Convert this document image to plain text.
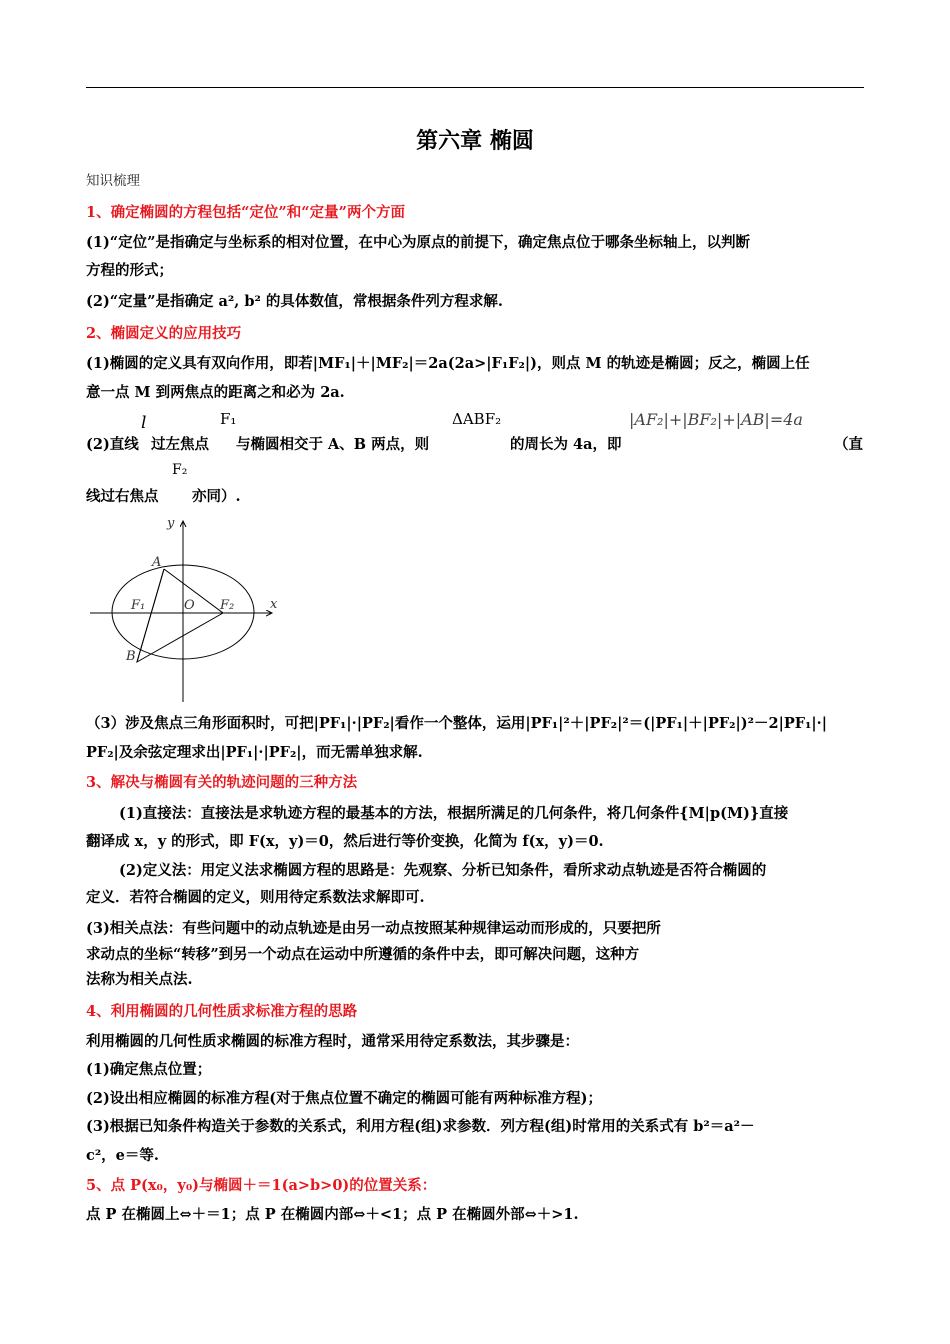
第六章 椭圆
知识梳理
1、确定椭圆的方程包括“定位”和“定量”两个方面
(1)“定位”是指确定与坐标系的相对位置，在中心为原点的前提下，确定焦点位于哪条坐标轴上，以判断
方程的形式；
(2)“定量”是指确定 a², b² 的具体数值，常根据条件列方程求解.
2、椭圆定义的应用技巧
(1)椭圆的定义具有双向作用，即若|MF₁|＋|MF₂|＝2a(2a>|F₁F₂|)，则点 M 的轨迹是椭圆；反之，椭圆上任
意一点 M 到两焦点的距离之和必为 2a.
(2)直线
l
过左焦点
F₁
与椭圆相交于 A、B 两点，则
ΔABF₂
的周长为 4a，即
|AF₂|+|BF₂|+|AB|=4a
（直
线过右焦点
F₂
亦同）.
y
x
A
B
O
F₁	F₂
（3）涉及焦点三角形面积时，可把|PF₁|·|PF₂|看作一个整体，运用|PF₁|²＋|PF₂|²＝(|PF₁|＋|PF₂|)²－2|PF₁|·|
PF₂|及余弦定理求出|PF₁|·|PF₂|，而无需单独求解.
3、解决与椭圆有关的轨迹问题的三种方法
(1)直接法：直接法是求轨迹方程的最基本的方法，根据所满足的几何条件，将几何条件{M|p(M)}直接
翻译成 x，y 的形式，即 F(x，y)＝0，然后进行等价变换，化简为 f(x，y)＝0.
(2)定义法：用定义法求椭圆方程的思路是：先观察、分析已知条件，看所求动点轨迹是否符合椭圆的
定义．若符合椭圆的定义，则用待定系数法求解即可.
(3)相关点法：有些问题中的动点轨迹是由另一动点按照某种规律运动而形成的，只要把所
求动点的坐标“转移”到另一个动点在运动中所遵循的条件中去，即可解决问题，这种方
法称为相关点法.
4、利用椭圆的几何性质求标准方程的思路
利用椭圆的几何性质求椭圆的标准方程时，通常采用待定系数法，其步骤是：
(1)确定焦点位置；
(2)设出相应椭圆的标准方程(对于焦点位置不确定的椭圆可能有两种标准方程)；
(3)根据已知条件构造关于参数的关系式，利用方程(组)求参数．列方程(组)时常用的关系式有 b²＝a²－
c²，e＝等.
5、点 P(x₀，y₀)与椭圆＋＝1(a>b>0)的位置关系：
点 P 在椭圆上⇔＋＝1；点 P 在椭圆内部⇔＋<1；点 P 在椭圆外部⇔＋>1.
